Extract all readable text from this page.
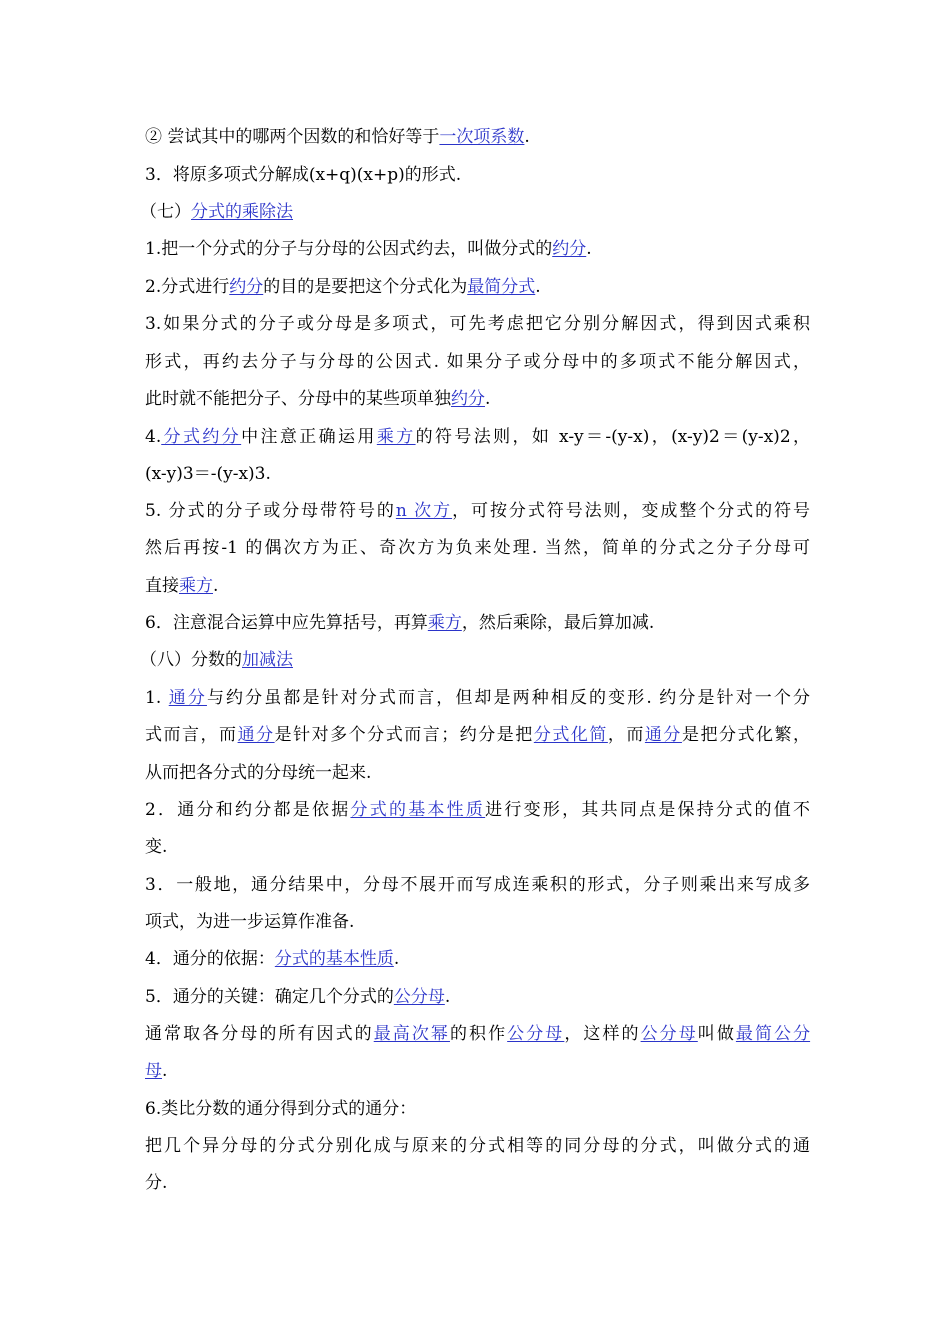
② 尝试其中的哪两个因数的和恰好等于一次项系数.
3．将原多项式分解成(x+q)(x+p)的形式.
（七）分式的乘除法
1.把一个分式的分子与分母的公因式约去，叫做分式的约分.
2.分式进行约分的目的是要把这个分式化为最简分式.
3.如果分式的分子或分母是多项式，可先考虑把它分别分解因式，得到因式乘积
形式，再约去分子与分母的公因式. 如果分子或分母中的多项式不能分解因式，
此时就不能把分子、分母中的某些项单独约分.
4.分式约分中注意正确运用乘方的符号法则，如 x-y＝-(y-x)，(x-y)2＝(y-x)2，
(x-y)3＝-(y-x)3.
5. 分式的分子或分母带符号的n 次方，可按分式符号法则，变成整个分式的符号
然后再按-1 的偶次方为正、奇次方为负来处理. 当然，简单的分式之分子分母可
直接乘方.
6．注意混合运算中应先算括号，再算乘方，然后乘除，最后算加减.
（八）分数的加减法
1. 通分与约分虽都是针对分式而言，但却是两种相反的变形. 约分是针对一个分
式而言，而通分是针对多个分式而言；约分是把分式化简，而通分是把分式化繁，
从而把各分式的分母统一起来.
2．通分和约分都是依据分式的基本性质进行变形，其共同点是保持分式的值不
变.
3．一般地，通分结果中，分母不展开而写成连乘积的形式，分子则乘出来写成多
项式，为进一步运算作准备.
4．通分的依据：分式的基本性质.
5．通分的关键：确定几个分式的公分母.
通常取各分母的所有因式的最高次幂的积作公分母，这样的公分母叫做最简公分
母.
6.类比分数的通分得到分式的通分：
把几个异分母的分式分别化成与原来的分式相等的同分母的分式，叫做分式的通
分.
